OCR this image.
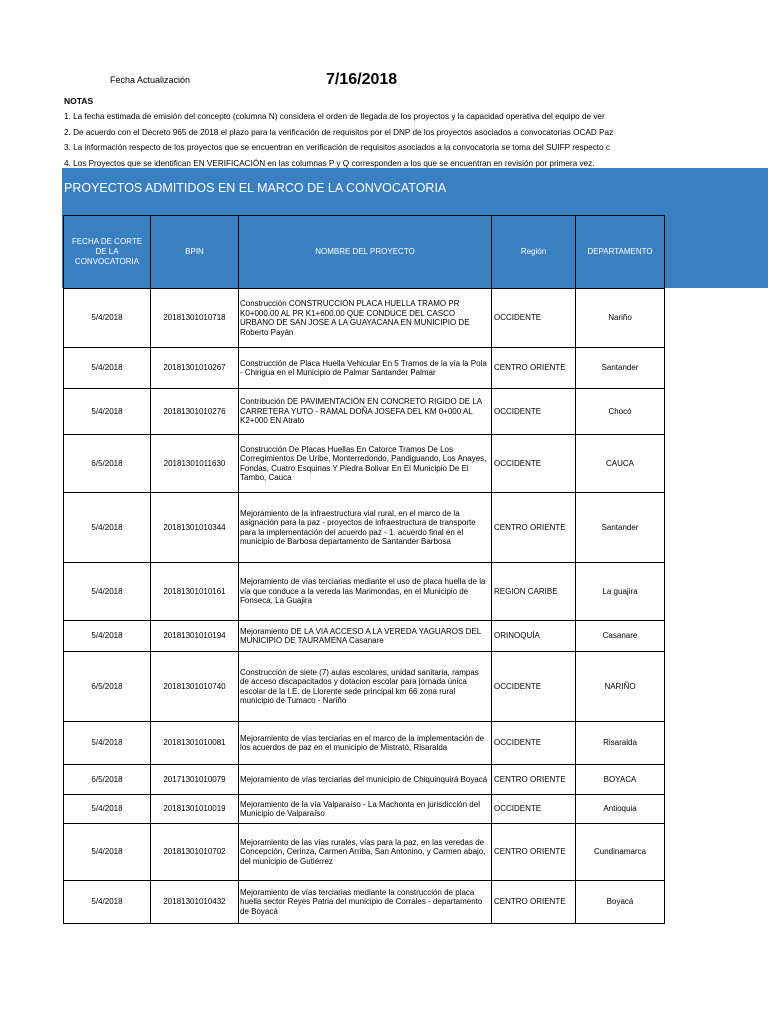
Fecha Actualización	7/16/2018
NOTAS
1. La fecha estimada de emisión del concepto (columna N) considera el orden de llegada de los proyectos y la capacidad operativa del equipo de ver
2. De acuerdo con el Decreto 965 de 2018 el plazo para la verificación de requisitos por el DNP de los proyectos asociados a convocatorias OCAD Paz
3. La información respecto de los proyectos que se encuentran en verificación de requisitos asociados a la convocatoria se toma del SUIFP respecto c
4. Los Proyectos que se identifican EN VERIFICACIÓN en las columnas P y Q corresponden a los que se encuentran en revisión por primera vez.
PROYECTOS ADMITIDOS EN EL MARCO DE LA CONVOCATORIA
FECHA DE CORTE DE LA CONVOCATORIA	BPIN	NOMBRE DEL PROYECTO	Región	DEPARTAMENTO
5/4/2018	20181301010718	Construcción CONSTRUCCIÓN PLACA HUELLA TRAMO PR K0+000.00 AL PR K1+600.00 QUE CONDUCE DEL CASCO URBANO DE SAN JOSE A LA GUAYACANA EN MUNICIPIO DE Roberto Payán	OCCIDENTE	Nariño
5/4/2018	20181301010267	Construcción de Placa Huella Vehicular En 5 Tramos de la vía la Pola - Chirigua en el Municipio de Palmar Santander Palmar	CENTRO ORIENTE	Santander
5/4/2018	20181301010276	Contribución DE PAVIMENTACIÓN EN CONCRETO RIGIDO DE LA CARRETERA YUTO - RAMAL DOÑA JOSEFA DEL KM 0+000 AL K2+000 EN Atrato	OCCIDENTE	Chocó
6/5/2018	20181301011630	Construcción De Placas Huellas En Catorce Tramos De Los Corregimientos De Uribe, Monterredondo, Pandiguando, Los Anayes, Fondas, Cuatro Esquinas Y Piedra Bolivar En El Municipio De El Tambo, Cauca	OCCIDENTE	CAUCA
5/4/2018	20181301010344	Mejoramiento de la infraestructura vial rural, en el marco de la asignación para la paz - proyectos de infraestructura de transporte para la implementación del acuerdo paz - 1. acuerdo final en el municipio de Barbosa departamento de Santander Barbosa	CENTRO ORIENTE	Santander
5/4/2018	20181301010161	Mejoramiento de vías terciarias mediante el uso de placa huella de la vía que conduce a la vereda las Marimondas, en el Municipio de Fonseca, La Guajira	REGION CARIBE	La guajira
5/4/2018	20181301010194	Mejoramiento DE LA VIA ACCESO A LA VEREDA YAGUAROS DEL MUNICIPIO DE TAURAMENA Casanare	ORINOQUÍA	Casanare
6/5/2018	20181301010740	Construcción de siete (7) aulas escolares, unidad sanitaria, rampas de acceso discapacitados y dotacion escolar para jornada única escolar de la I.E. de Llorente sede principal km 66 zona rural municipio de Tumaco - Nariño	OCCIDENTE	NARIÑO
5/4/2018	20181301010081	Mejoramiento de vías terciarias en el marco de la implementación de los acuerdos de paz en el municipio de Mistrató, Risaralda	OCCIDENTE	Risaralda
6/5/2018	20171301010079	Mejoramiento de vías terciarias del municipio de Chiquinquirá Boyacá	CENTRO ORIENTE	BOYACA
5/4/2018	20181301010019	Mejoramiento de la vía Valparaíso - La Machonta en jurisdicción del Municipio de Valparaíso	OCCIDENTE	Antioquia
5/4/2018	20181301010702	Mejoramiento de las vías rurales, vías para la paz, en las veredas de Concepción, Cerinza, Carmen Arriba, San Antonino, y Carmen abajo, del municipio de Gutiérrez	CENTRO ORIENTE	Cundinamarca
5/4/2018	20181301010432	Mejoramiento de vías terciarias mediante la construcción de placa huella sector Reyes Patria del municipio de Corrales - departamento de Boyacá	CENTRO ORIENTE	Boyacá
